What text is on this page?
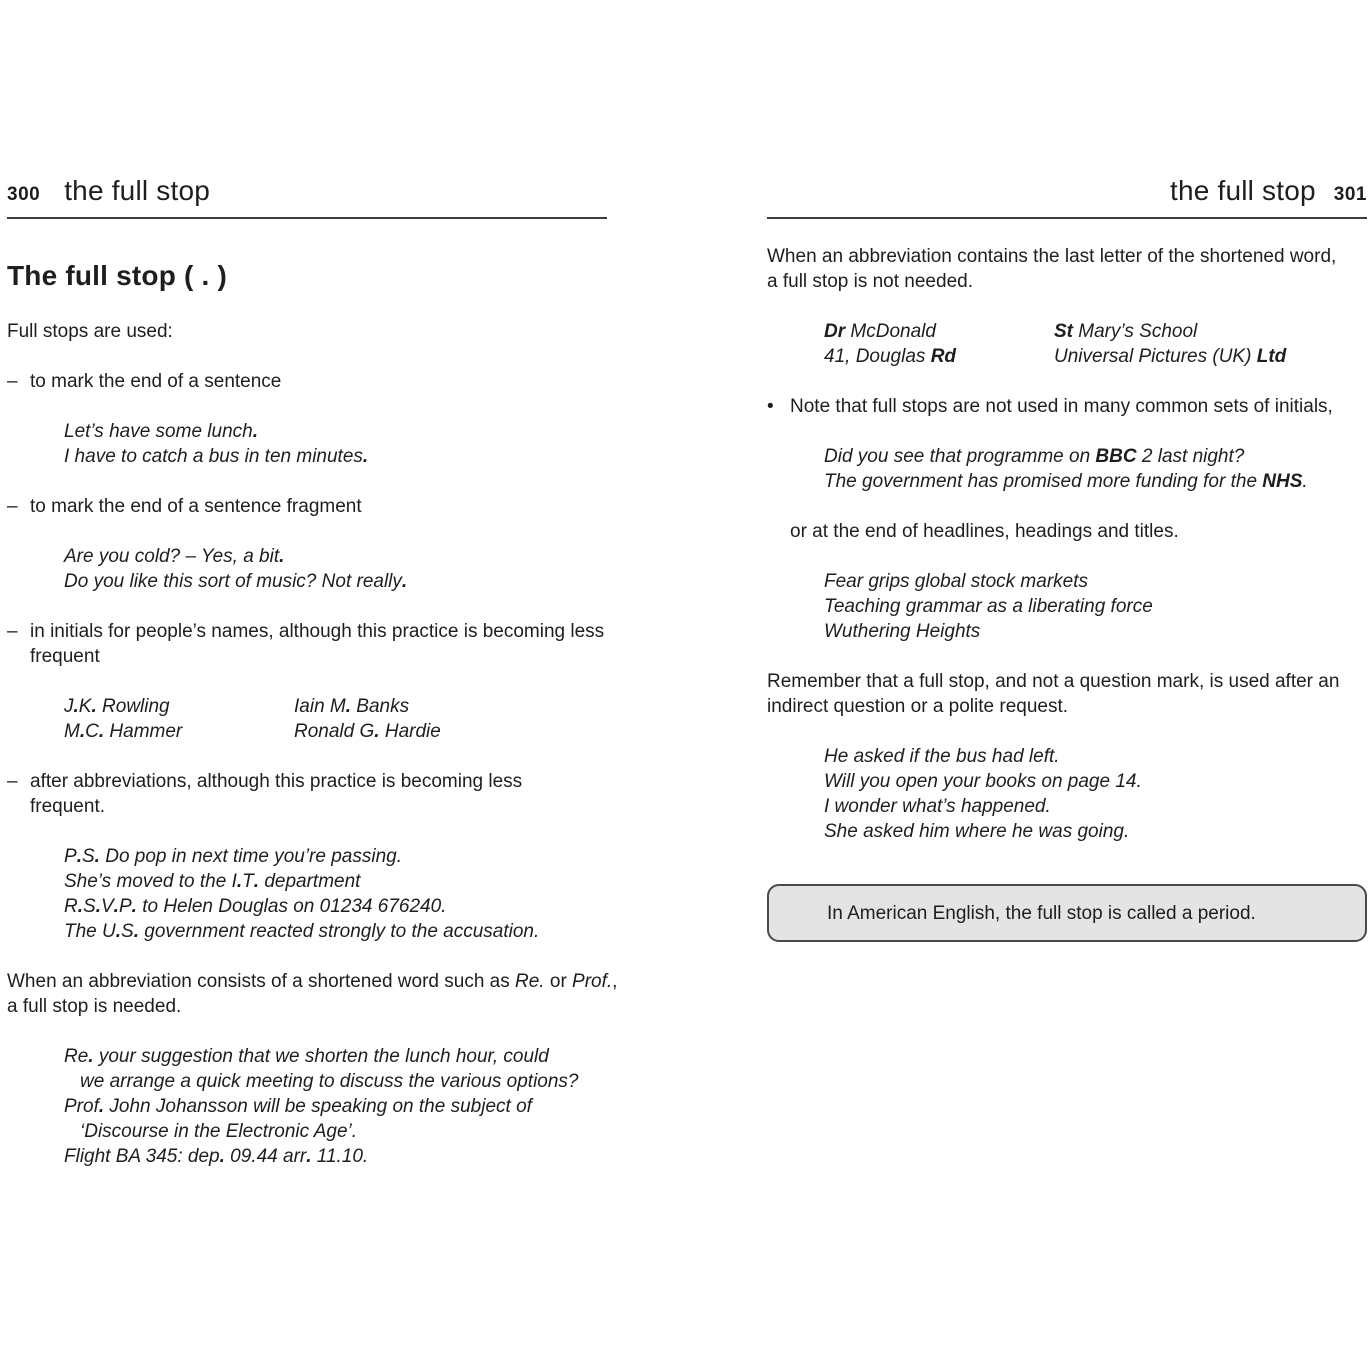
300 the full stop
The full stop ( . )
Full stops are used:
– to mark the end of a sentence
Let’s have some lunch.
I have to catch a bus in ten minutes.
– to mark the end of a sentence fragment
Are you cold? – Yes, a bit.
Do you like this sort of music? Not really.
– in initials for people’s names, although this practice is becoming less
frequent
J.K. Rowling	Iain M. Banks
M.C. Hammer	Ronald G. Hardie
– after abbreviations, although this practice is becoming less
frequent.
P.S. Do pop in next time you’re passing.
She’s moved to the I.T. department
R.S.V.P. to Helen Douglas on 01234 676240.
The U.S. government reacted strongly to the accusation.
When an abbreviation consists of a shortened word such as Re. or Prof.,
a full stop is needed.
Re. your suggestion that we shorten the lunch hour, could
we arrange a quick meeting to discuss the various options?
Prof. John Johansson will be speaking on the subject of
‘Discourse in the Electronic Age’.
Flight BA 345: dep. 09.44 arr. 11.10.
the full stop 301
When an abbreviation contains the last letter of the shortened word,
a full stop is not needed.
Dr McDonald	St Mary’s School
41, Douglas Rd	Universal Pictures (UK) Ltd
• Note that full stops are not used in many common sets of initials,
Did you see that programme on BBC 2 last night?
The government has promised more funding for the NHS.
or at the end of headlines, headings and titles.
Fear grips global stock markets
Teaching grammar as a liberating force
Wuthering Heights
Remember that a full stop, and not a question mark, is used after an
indirect question or a polite request.
He asked if the bus had left.
Will you open your books on page 14.
I wonder what’s happened.
She asked him where he was going.
In American English, the full stop is called a period.
